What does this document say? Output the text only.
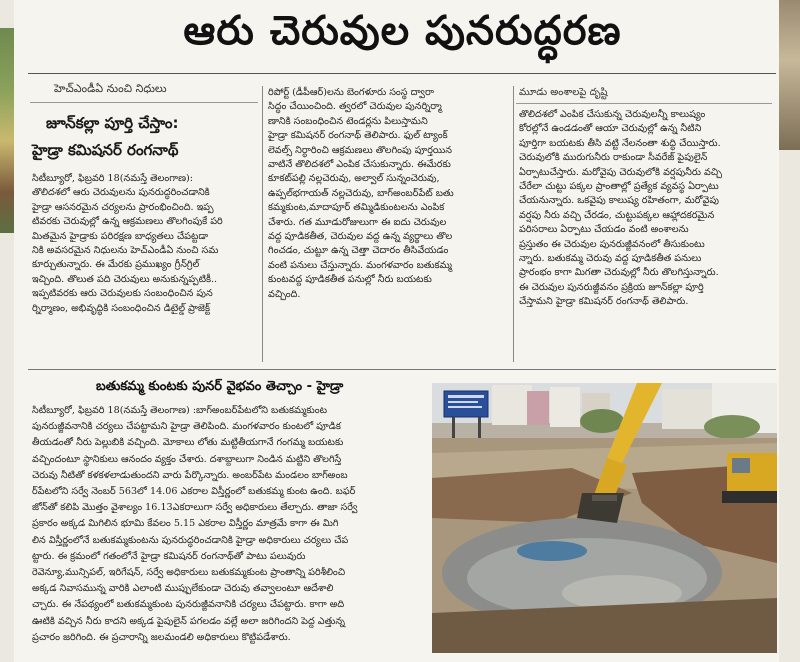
ఆరు చెరువుల పునరుద్ధరణ
హెచ్ఎండీఏ నుంచి నిధులు
జూన్‌కల్లా పూర్తి చేస్తాం:
హైడ్రా కమిషనర్ రంగనాథ్

సిటీబ్యూరో, ఫిబ్రవరి 18(నమస్తే తెలంగాణ):

తొలిదశలో ఆరు చెరువులను పునరుద్ధరించడానికి

హైడ్రా ఆసనరమైన చర్యలను ప్రారంభించింది. ఇప్ప

టివరకు చెరువుల్లో ఉన్న ఆక్రమణలు తొలగింపుకే పరి

మితమైన హైడ్రాకు పరిరక్షణ బాధ్యతలు చేపట్టడా

నికి అవసరమైన నిధులను హెచ్ఎండీఏ నుంచి సమ

కూర్చుతున్నారు. ఈ మేరకు ప్రముఖ్యం గ్రీన్‌గ్రిల్

ఇచ్చింది. తొలుత పది చెరువులు అనుకున్నప్పటికీ..

ఇప్పటివరకు ఆరు చెరువులకు సంబంధించిన పున

ర్నిర్మాణం, అభివృద్ధికి సంబంధించిన డిటైల్డ్ ప్రాజెక్ట్

రిపోర్ట్ (డీపీఆర్)లను బెంగళూరు సంస్థ ద్వారా

సిద్ధం చేయించింది. త్వరలో చెరువుల పునర్నిర్మా

ణానికి సంబంధించిన టెండర్లను పిలుస్తామని

హైడ్రా కమిషనర్ రంగనాథ్ తెలిపారు. ఫుల్ ట్యాంక్

లెవల్స్ నిర్ధారించి ఆక్రమణలు తొలగింపు పూర్తయిన

వాటినే తొలిదశలో ఎంపిక చేసుకున్నారు. ఈమేరకు

కూకట్‌పల్లి నల్లచెరువు, అల్వాల్ సున్నంచెరువు,

ఉప్పల్‌భగాయత్ నల్లచెరువు, బాగ్‌అంబర్‌పేట్ బతు

కమ్మకుంట,మాదాపూర్ తమ్మిడికుంటలను ఎంపిక

చేశారు. గత మూడురోజులుగా ఈ ఐదు చెరువుల

వద్ద పూడికతీత, చెరువుల వద్ద ఉన్న వ్యర్థాలు తొల

గించడం, చుట్టూ ఉన్న చెత్తా చెదారం తీసివేయడం

వంటి పనులు చేస్తున్నారు. మంగళవారం బతుకమ్మ

కుంటవద్ద పూడికతీత పనుల్లో నీరు బయటకు

వచ్చింది.

మూడు అంశాలపై దృష్టి

తొలిదశలో ఎంపిక చేసుకున్న చెరువులన్నీ కాలుష్యం

కోరల్లోనే ఉండడంతో ఆయా చెరువుల్లో ఉన్న నీటిని

పూర్తిగా బయటకు తీసి వట్టి నేలనంతా శుద్ధి చేయిస్తారు.

చెరువులోకి మురుగునీరు రాకుండా సీవరేజ్ పైపులైన్

ఏర్పాటుచేస్తారు. మరోవైపు చెరువులోకి వర్షపునీరు వచ్చి

చేరేలా చుట్టు పక్కల ప్రాంతాల్లో ప్రత్యేక వ్యవస్థ ఏర్పాటు

చేయనున్నారు. ఒకవైపు కాలుష్య రహితంగా, మరోవైపు

వర్షపు నీరు వచ్చి చేరడం, చుట్టుపక్కల ఆహ్లాదకరమైన

పరిసరాలు ఏర్పాటు చేయడం వంటి అంశాలను

ప్రస్తుతం ఈ చెరువుల పునరుజ్జీవనంలో తీసుకుంటు

న్నారు. బతుకమ్మ చెరువు వద్ద పూడికతీత పనులు

ప్రారంభం కాగా మిగతా చెరువుల్లో నీరు తొలగిస్తున్నారు.

ఈ చెరువుల పునరుజ్జీవనం ప్రక్రియ జూన్‌కల్లా పూర్తి

చేస్తామని హైడ్రా కమిషనర్ రంగనాథ్ తెలిపారు.

బతుకమ్మ కుంటకు పునర్ వైభవం తెచ్చాం - హైడ్రా

సిటీబ్యూరో, ఫిబ్రవరి 18(నమస్తే తెలంగాణ) :బాగ్‌అంబర్‌పేటలోని బతుకమ్మకుంట

పునరుజ్జీవనానికి చర్యలు చేపట్టామని హైడ్రా తెలిపింది. మంగళవారం కుంటలో పూడిక

తీయడంతో నీరు పెల్లుబికి వచ్చింది. మోకాలు లోతు మట్టితీయగానే గంగమ్మ బయటకు

వచ్చిందంటూ స్థానికులు ఆనందం వ్యక్తం చేశారు. దశాబ్దాలుగా నిండిన మట్టిని తొలగిస్తే

చెరువు నీటితో కళకళలాడుతుందని వారు పేర్కొన్నారు. అంబర్‌పేట మండలం బాగ్‌అంబ

ర్‌పేటలోని సర్వే నెంబర్ 563లో 14.06 ఎకరాల విస్తీర్ణంలో బతుకమ్మ కుంట ఉంది. బఫర్

జోన్‌తో కలిపి మొత్తం వైశాల్యం 16.13ఎకరాలుగా సర్వే అధికారులు తేల్చారు. తాజా సర్వే

ప్రకారం అక్కడ మిగిలిన భూమి కేవలం 5.15 ఎకరాల విస్తీర్ణం మాత్రమే కాగా ఈ మిగి

లిన విస్తీర్ణంలోనే బతుకమ్మకుంటను పునరుద్ధరించడానికి హైడ్రా అధికారులు చర్యలు చేప

ట్టారు. ఈ క్రమంలో గతంలోనే హైడ్రా కమిషనర్ రంగనాథ్‌తో పాటు పలువురు

రెవెన్యూ,మున్సిపల్, ఇరిగేషన్, సర్వే అధికారులు బతుకమ్మకుంట ప్రాంతాన్ని పరిశీలించి

అక్కడ నివాసమున్న వారికి ఎలాంటి ముప్పులేకుండా చెరువు తవ్వాలంటూ ఆదేశాలి

చ్చారు. ఈ నేపథ్యంలో బతుకమ్మకుంట పునరుజ్జీవనానికి చర్యలు చేపట్టారు. కాగా అది

ఊటికి వచ్చిన నీరు కాదని అక్కడ పైపులైన్ పగలడం వల్లే అలా జరిగిందని పెద్ద ఎత్తున్న

ప్రచారం జరిగింది. ఈ ప్రచారాన్ని జలమండలి అధికారులు కొట్టిపడేశారు.
